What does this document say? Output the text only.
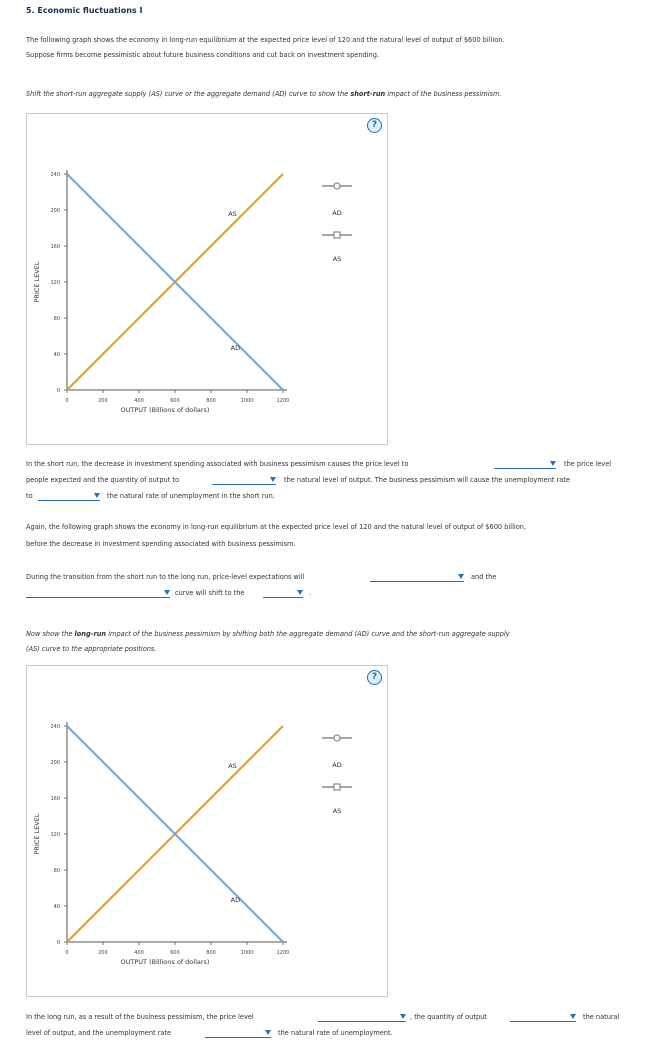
5. Economic fluctuations I
The following graph shows the economy in long-run equilibrium at the expected price level of 120 and the natural level of output of $600 billion.
Suppose firms become pessimistic about future business conditions and cut back on investment spending.
Shift the short-run aggregate supply (AS) curve or the aggregate demand (AD) curve to show the short-run impact of the business pessimism.
?
0	200	400	600	800	1000	1200
0
40
80
120
160
200
240
OUTPUT (Billions of dollars)
PRICE LEVEL
AS
AD
AD
AS
In the short run, the decrease in investment spending associated with business pessimism causes the price level to	the price level
people expected and the quantity of output to	the natural level of output. The business pessimism will cause the unemployment rate
to	the natural rate of unemployment in the short run.
Again, the following graph shows the economy in long-run equilibrium at the expected price level of 120 and the natural level of output of $600 billion,
before the decrease in investment spending associated with business pessimism.
During the transition from the short run to the long run, price-level expectations will	and the
curve will shift to the	.
Now show the long-run impact of the business pessimism by shifting both the aggregate demand (AD) curve and the short-run aggregate supply
(AS) curve to the appropriate positions.
?
0	200	400	600	800	1000	1200
0
40
80
120
160
200
240
OUTPUT (Billions of dollars)
PRICE LEVEL
AS
AD
AD
AS
In the long run, as a result of the business pessimism, the price level	, the quantity of output	the natural
level of output, and the unemployment rate	the natural rate of unemployment.
